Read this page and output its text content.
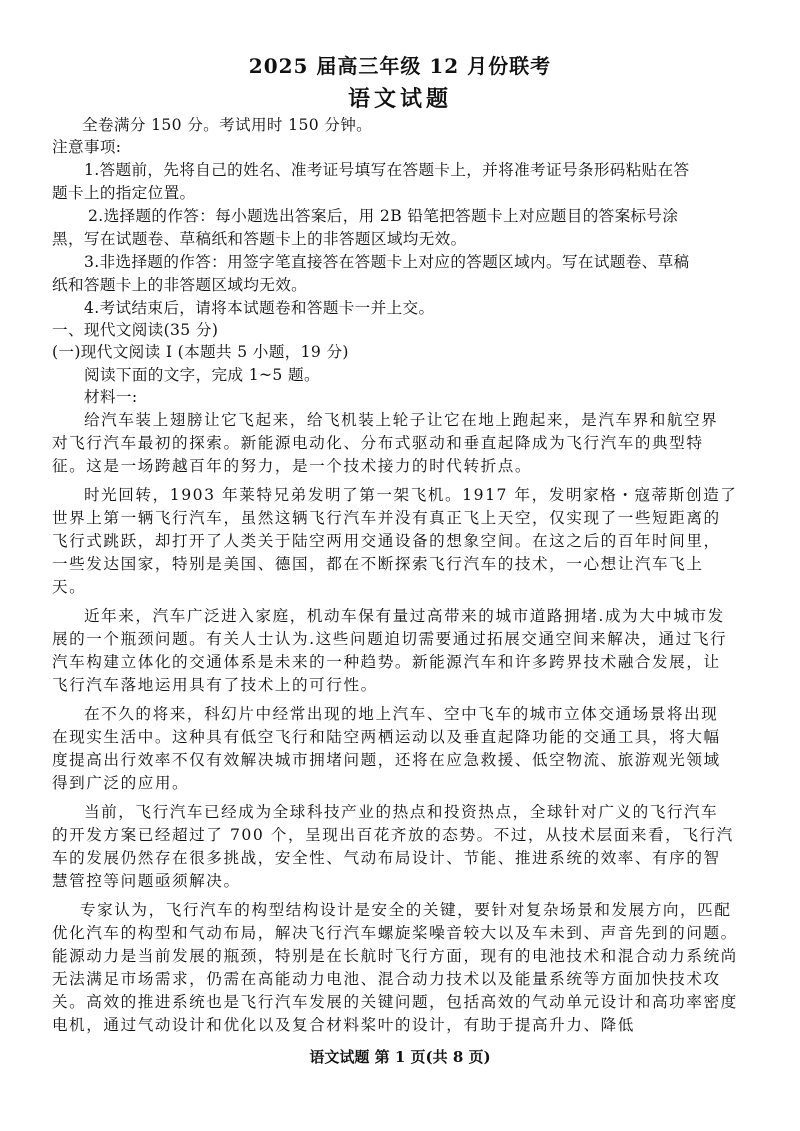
2025 届高三年级 12 月份联考
语文试题
全卷满分 150 分。考试用时 150 分钟。
注意事项:
1.答题前，先将自己的姓名、准考证号填写在答题卡上，并将准考证号条形码粘贴在答
题卡上的指定位置。
2.选择题的作答：每小题选出答案后，用 2B 铅笔把答题卡上对应题目的答案标号涂
黑，写在试题卷、草稿纸和答题卡上的非答题区域均无效。
3.非选择题的作答：用签字笔直接答在答题卡上对应的答题区域内。写在试题卷、草稿
纸和答题卡上的非答题区域均无效。
4.考试结束后，请将本试题卷和答题卡一并上交。
一、现代文阅读(35 分)
(一)现代文阅读 I (本题共 5 小题，19 分)
阅读下面的文字，完成 1~5 题。
材料一:
给汽车装上翅膀让它飞起来，给飞机装上轮子让它在地上跑起来，是汽车界和航空界
对飞行汽车最初的探索。新能源电动化、分布式驱动和垂直起降成为飞行汽车的典型特
征。这是一场跨越百年的努力，是一个技术接力的时代转折点。
时光回转，1903 年莱特兄弟发明了第一架飞机。1917 年，发明家格・寇蒂斯创造了
世界上第一辆飞行汽车，虽然这辆飞行汽车并没有真正飞上天空，仅实现了一些短距离的
飞行式跳跃，却打开了人类关于陆空两用交通设备的想象空间。在这之后的百年时间里，
一些发达国家，特别是美国、德国，都在不断探索飞行汽车的技术，一心想让汽车飞上
天。
近年来，汽车广泛进入家庭，机动车保有量过高带来的城市道路拥堵.成为大中城市发
展的一个瓶颈问题。有关人士认为.这些问题迫切需要通过拓展交通空间来解决，通过飞行
汽车构建立体化的交通体系是未来的一种趋势。新能源汽车和许多跨界技术融合发展，让
飞行汽车落地运用具有了技术上的可行性。
在不久的将来，科幻片中经常出现的地上汽车、空中飞车的城市立体交通场景将出现
在现实生活中。这种具有低空飞行和陆空两栖运动以及垂直起降功能的交通工具，将大幅
度提高出行效率不仅有效解决城市拥堵问题，还将在应急救援、低空物流、旅游观光领域
得到广泛的应用。
当前，飞行汽车已经成为全球科技产业的热点和投资热点，全球针对广义的飞行汽车
的开发方案已经超过了 700 个，呈现出百花齐放的态势。不过，从技术层面来看，飞行汽
车的发展仍然存在很多挑战，安全性、气动布局设计、节能、推进系统的效率、有序的智
慧管控等问题亟须解决。
专家认为，飞行汽车的构型结构设计是安全的关键，要针对复杂场景和发展方向，匹配
优化汽车的构型和气动布局，解决飞行汽车螺旋桨噪音较大以及车未到、声音先到的问题。
能源动力是当前发展的瓶颈，特别是在长航时飞行方面，现有的电池技术和混合动力系统尚
无法满足市场需求，仍需在高能动力电池、混合动力技术以及能量系统等方面加快技术攻
关。高效的推进系统也是飞行汽车发展的关键问题，包括高效的气动单元设计和高功率密度
电机，通过气动设计和优化以及复合材料桨叶的设计，有助于提高升力、降低
语文试题 第 1 页(共 8 页)
